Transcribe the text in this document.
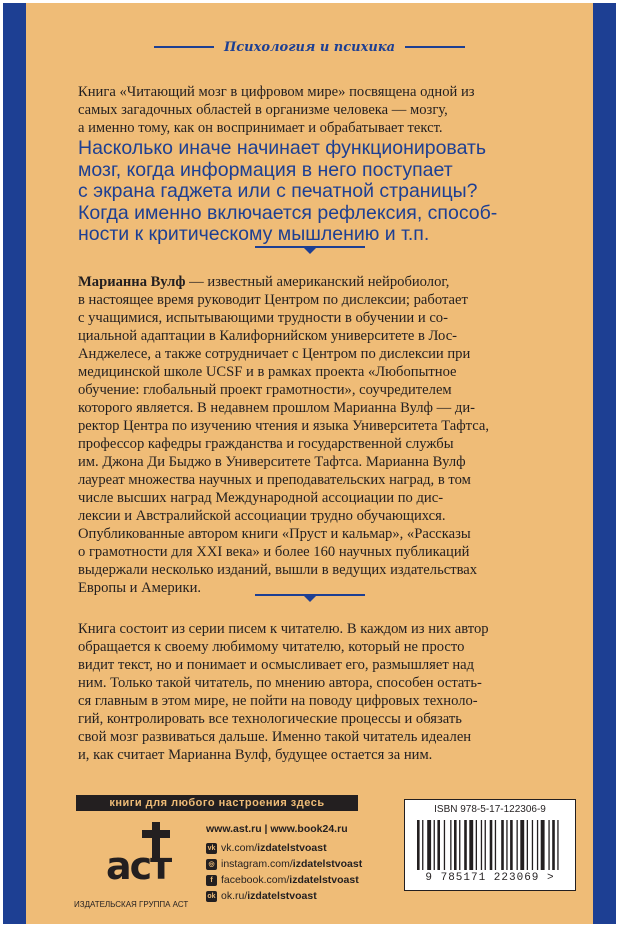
Психология и психика
Книга «Читающий мозг в цифровом мире» посвящена одной из
самых загадочных областей в организме человека — мозгу,
а именно тому, как он воспринимает и обрабатывает текст.
Насколько иначе начинает функционировать
мозг, когда информация в него поступает
с экрана гаджета или с печатной страницы?
Когда именно включается рефлексия, способ-
ности к критическому мышлению и т.п.
Марианна Вулф — известный американский нейробиолог,
в настоящее время руководит Центром по дислексии; работает
с учащимися, испытывающими трудности в обучении и со-
циальной адаптации в Калифорнийском университете в Лос-
Анджелесе, а также сотрудничает с Центром по дислексии при
медицинской школе UCSF и в рамках проекта «Любопытное
обучение: глобальный проект грамотности», соучредителем
которого является. В недавнем прошлом Марианна Вулф — ди-
ректор Центра по изучению чтения и языка Университета Тафтса,
профессор кафедры гражданства и государственной службы
им. Джона Ди Быджо в Университете Тафтса. Марианна Вулф
лауреат множества научных и преподавательских наград, в том
числе высших наград Международной ассоциации по дис-
лексии и Австралийской ассоциации трудно обучающихся.
Опубликованные автором книги «Пруст и кальмар», «Рассказы
о грамотности для XXI века» и более 160 научных публикаций
выдержали несколько изданий, вышли в ведущих издательствах
Европы и Америки.
Книга состоит из серии писем к читателю. В каждом из них автор
обращается к своему любимому читателю, который не просто
видит текст, но и понимает и осмысливает его, размышляет над
ним. Только такой читатель, по мнению автора, способен остать-
ся главным в этом мире, не пойти на поводу цифровых техноло-
гий, контролировать все технологические процессы и обязать
свой мозг развиваться дальше. Именно такой читатель идеален
и, как считает Марианна Вулф, будущее остается за ним.
книги для любого настроения здесь
aст
ИЗДАТЕЛЬСКАЯ ГРУППА АСТ
www.ast.ru | www.book24.ru
vk vk.com/ izdatelstvoast
◎ instagram.com/ izdatelstvoast
f facebook.com/ izdatelstvoast
ok ok.ru/ izdatelstvoast
ISBN 978-5-17-122306-9
9 785171 223069 >
